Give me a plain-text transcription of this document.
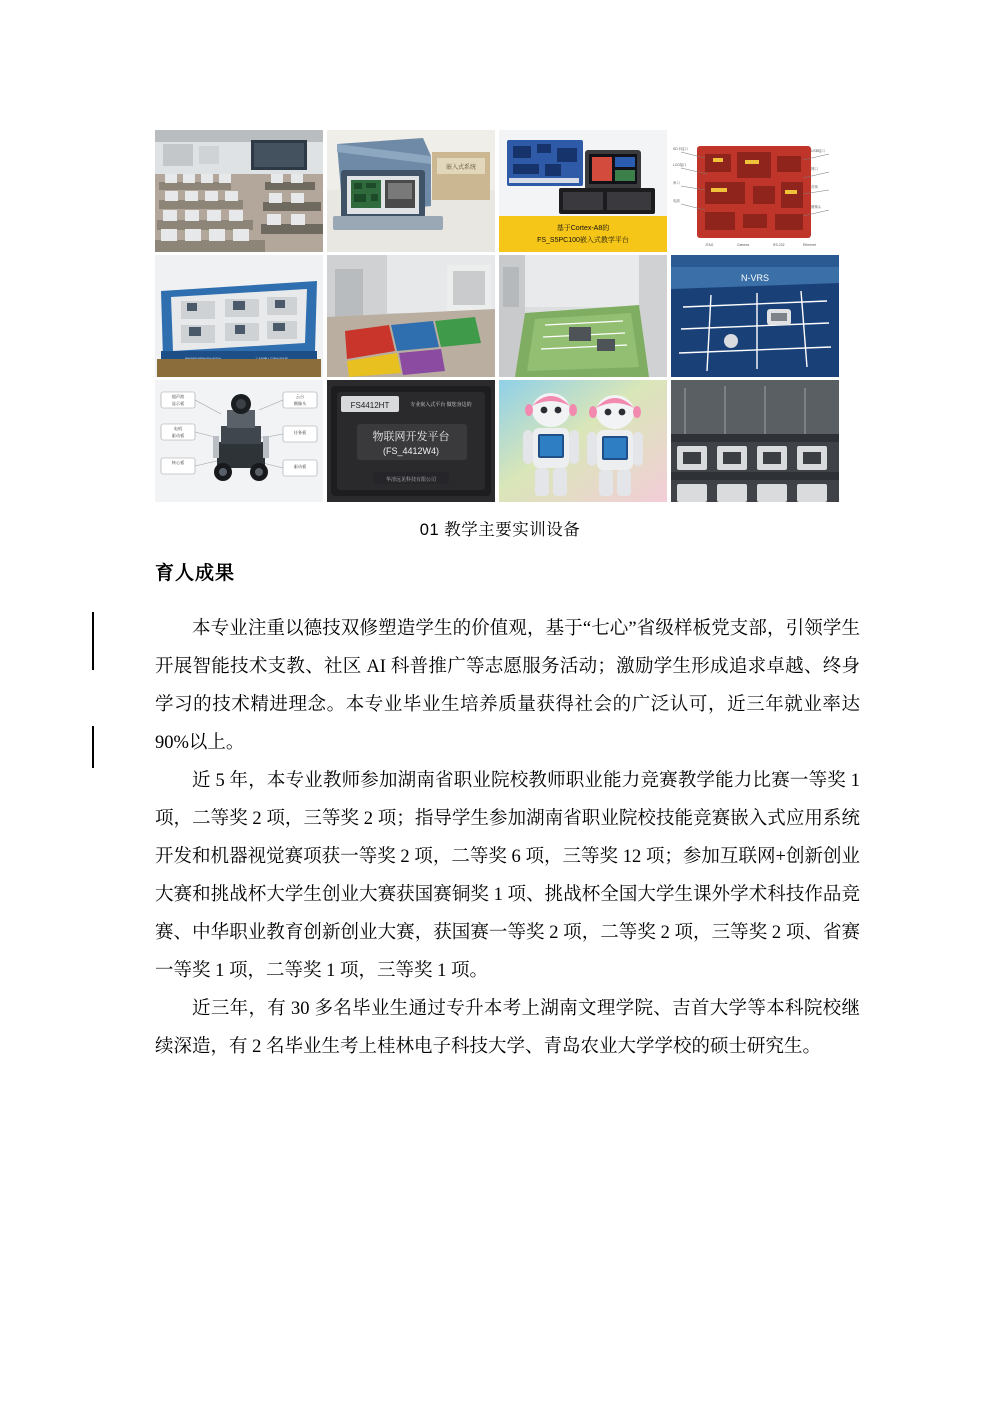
嵌入式系统
基于Cortex-A8的
FS_S5PC100嵌入式教学平台
SD卡接口
LCD接口
串口
电源
USB接口
网口
音频
摄像头
JTAG	Camera	RS-232	Ethernet
N-VRS
超声波
显示板
电机
驱动板
核心板
云台
摄像头
任务板
驱动板
FS4412HT	专业嵌入式平台 做您身边的
物联网开发平台
(FS_4412W4)
华清远见科技有限公司
01 教学主要实训设备
育人成果

本专业注重以德技双修塑造学生的价值观，基于“七心”省级样板党支部，引领学生开展智能技术支教、社区 AI 科普推广等志愿服务活动；激励学生形成追求卓越、终身学习的技术精进理念。本专业毕业生培养质量获得社会的广泛认可，近三年就业率达 90%以上。

近 5 年，本专业教师参加湖南省职业院校教师职业能力竞赛教学能力比赛一等奖 1 项，二等奖 2 项，三等奖 2 项；指导学生参加湖南省职业院校技能竞赛嵌入式应用系统开发和机器视觉赛项获一等奖 2 项，二等奖 6 项，三等奖 12 项；参加互联网+创新创业大赛和挑战杯大学生创业大赛获国赛铜奖 1 项、挑战杯全国大学生课外学术科技作品竞赛、中华职业教育创新创业大赛，获国赛一等奖 2 项，二等奖 2 项，三等奖 2 项、省赛一等奖 1 项，二等奖 1 项，三等奖 1 项。

近三年，有 30 多名毕业生通过专升本考上湖南文理学院、吉首大学等本科院校继续深造，有 2 名毕业生考上桂林电子科技大学、青岛农业大学学校的硕士研究生。
